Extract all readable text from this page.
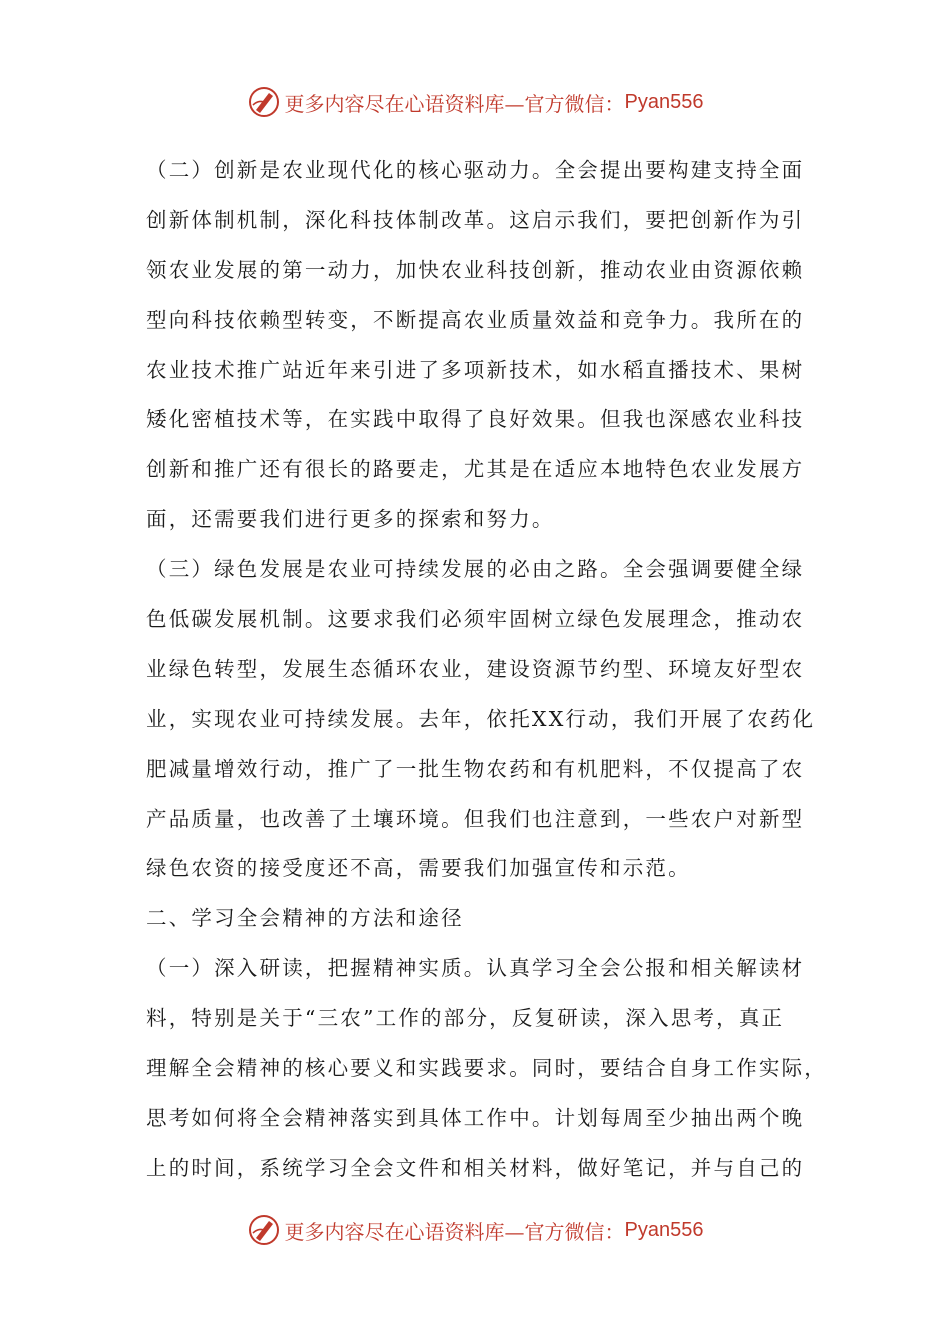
更多内容尽在心语资料库—官方微信： Pyan556
（二）创新是农业现代化的核心驱动力。全会提出要构建支持全面
创新体制机制，深化科技体制改革。这启示我们，要把创新作为引
领农业发展的第一动力，加快农业科技创新，推动农业由资源依赖
型向科技依赖型转变，不断提高农业质量效益和竞争力。我所在的
农业技术推广站近年来引进了多项新技术，如水稻直播技术、果树
矮化密植技术等，在实践中取得了良好效果。但我也深感农业科技
创新和推广还有很长的路要走，尤其是在适应本地特色农业发展方
面，还需要我们进行更多的探索和努力。
（三）绿色发展是农业可持续发展的必由之路。全会强调要健全绿
色低碳发展机制。这要求我们必须牢固树立绿色发展理念，推动农
业绿色转型，发展生态循环农业，建设资源节约型、环境友好型农
业，实现农业可持续发展。去年，依托XX行动，我们开展了农药化
肥减量增效行动，推广了一批生物农药和有机肥料，不仅提高了农
产品质量，也改善了土壤环境。但我们也注意到，一些农户对新型
绿色农资的接受度还不高，需要我们加强宣传和示范。
二、学习全会精神的方法和途径
（一）深入研读，把握精神实质。认真学习全会公报和相关解读材
料，特别是关于“三农”工作的部分，反复研读，深入思考，真正
理解全会精神的核心要义和实践要求。同时，要结合自身工作实际，
思考如何将全会精神落实到具体工作中。计划每周至少抽出两个晚
上的时间，系统学习全会文件和相关材料，做好笔记，并与自己的
更多内容尽在心语资料库—官方微信： Pyan556
